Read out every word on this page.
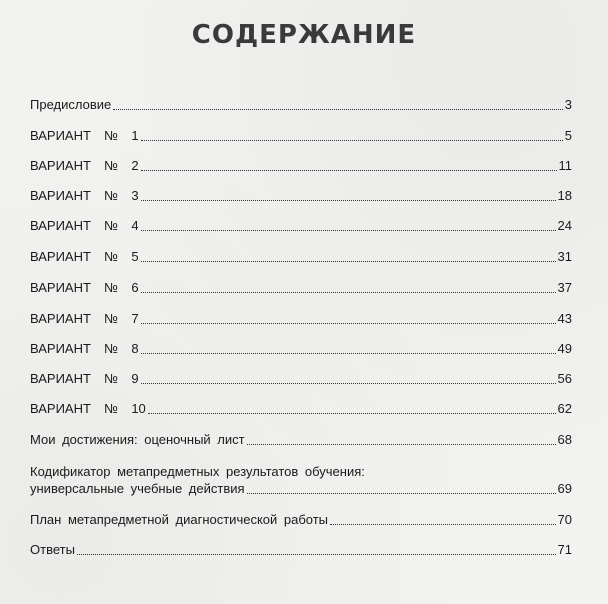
СОДЕРЖАНИЕ
Предисловие	3
ВАРИАНТ  №  1	5
ВАРИАНТ  №  2	11
ВАРИАНТ  №  3	18
ВАРИАНТ  №  4	24
ВАРИАНТ  №  5	31
ВАРИАНТ  №  6	37
ВАРИАНТ  №  7	43
ВАРИАНТ  №  8	49
ВАРИАНТ  №  9	56
ВАРИАНТ  №  10	62
Мои достижения: оценочный лист	68
Кодификатор метапредметных результатов обучения:
универсальные учебные действия	69
План метапредметной диагностической работы	70
Ответы	71
